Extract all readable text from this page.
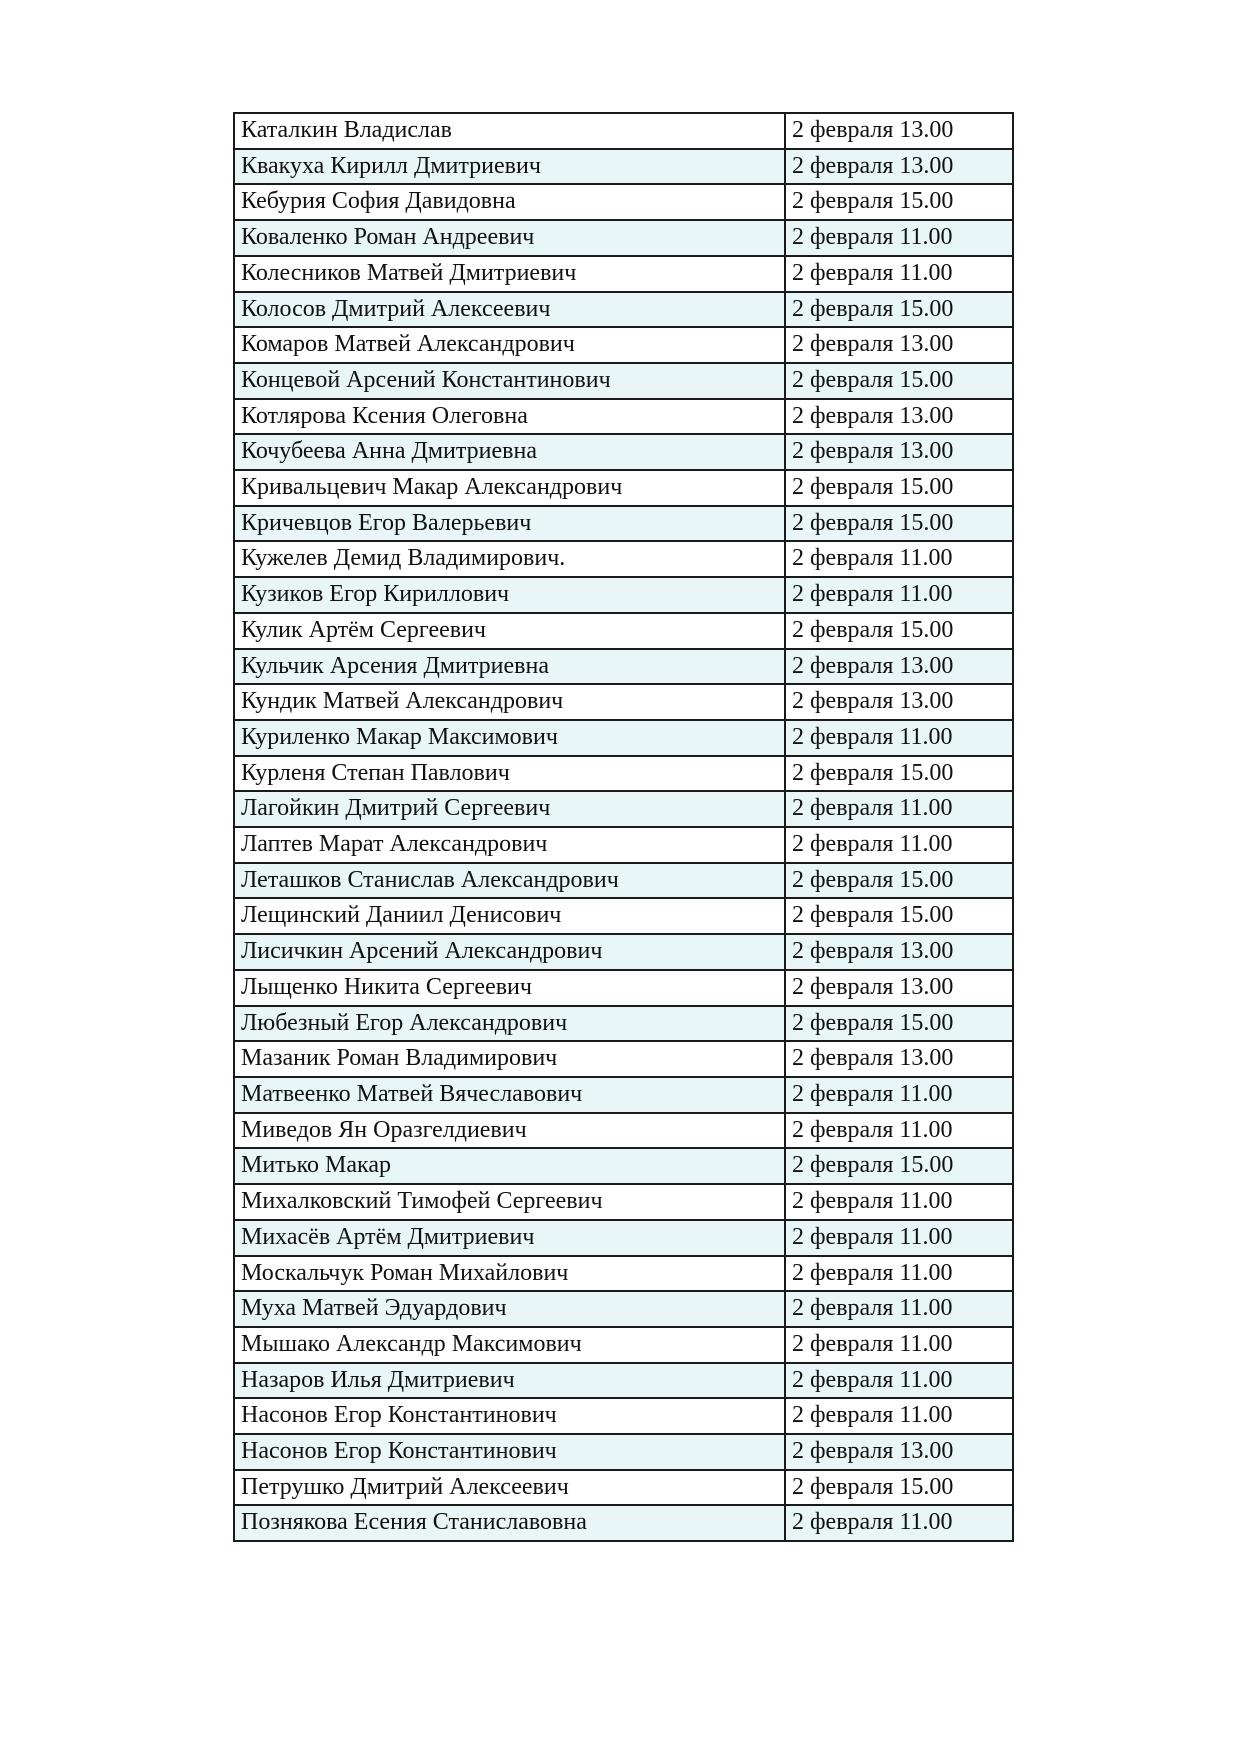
Каталкин Владислав	2 февраля 13.00
Квакуха Кирилл Дмитриевич	2 февраля 13.00
Кебурия София Давидовна	2 февраля 15.00
Коваленко Роман Андреевич	2 февраля 11.00
Колесников Матвей Дмитриевич	2 февраля 11.00
Колосов Дмитрий Алексеевич	2 февраля 15.00
Комаров Матвей Александрович	2 февраля 13.00
Концевой Арсений Константинович	2 февраля 15.00
Котлярова Ксения Олеговна	2 февраля 13.00
Кочубеева Анна Дмитриевна	2 февраля 13.00
Кривальцевич Макар Александрович	2 февраля 15.00
Кричевцов Егор Валерьевич	2 февраля 15.00
Кужелев Демид Владимирович.	2 февраля 11.00
Кузиков Егор Кириллович	2 февраля 11.00
Кулик Артём Сергеевич	2 февраля 15.00
Кульчик Арсения Дмитриевна	2 февраля 13.00
Кундик Матвей Александрович	2 февраля 13.00
Куриленко Макар Максимович	2 февраля 11.00
Курленя Степан Павлович	2 февраля 15.00
Лагойкин Дмитрий Сергеевич	2 февраля 11.00
Лаптев Марат Александрович	2 февраля 11.00
Леташков Станислав Александрович	2 февраля 15.00
Лещинский Даниил Денисович	2 февраля 15.00
Лисичкин Арсений Александрович	2 февраля 13.00
Лыщенко Никита Сергеевич	2 февраля 13.00
Любезный Егор Александрович	2 февраля 15.00
Мазаник Роман Владимирович	2 февраля 13.00
Матвеенко Матвей Вячеславович	2 февраля 11.00
Миведов Ян Оразгелдиевич	2 февраля 11.00
Митько Макар	2 февраля 15.00
Михалковский Тимофей Сергеевич	2 февраля 11.00
Михасёв Артём Дмитриевич	2 февраля 11.00
Москальчук Роман Михайлович	2 февраля 11.00
Муха Матвей Эдуардович	2 февраля 11.00
Мышако Александр Максимович	2 февраля 11.00
Назаров Илья Дмитриевич	2 февраля 11.00
Насонов Егор Константинович	2 февраля 11.00
Насонов Егор Константинович	2 февраля 13.00
Петрушко Дмитрий Алексеевич	2 февраля 15.00
Познякова Есения Станиславовна	2 февраля 11.00
